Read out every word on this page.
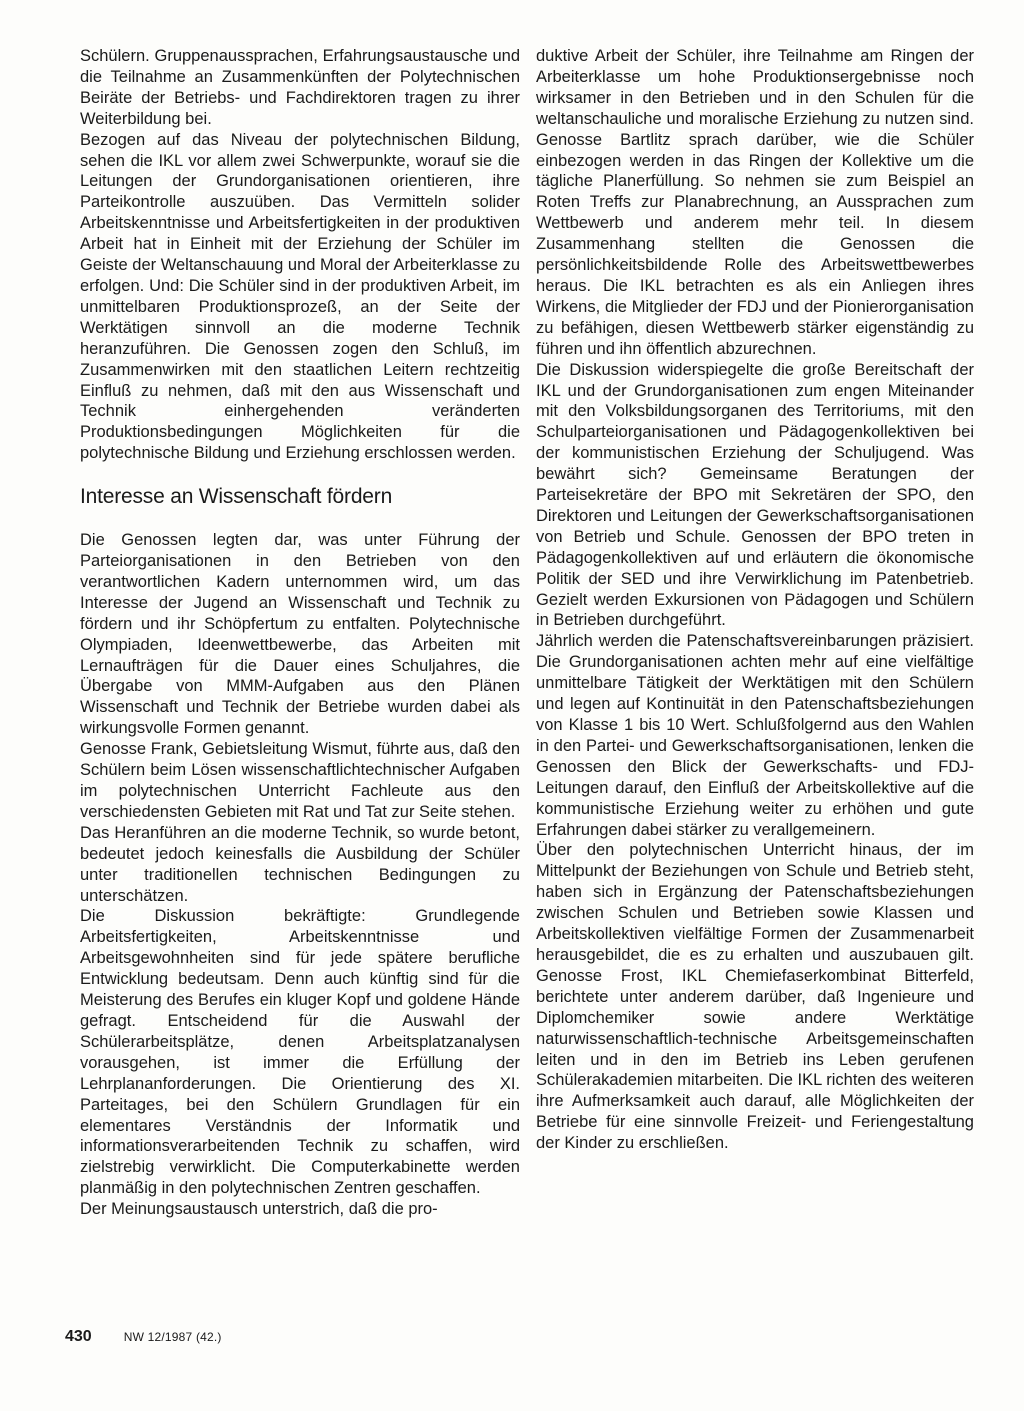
Schülern. Gruppenaussprachen, Erfahrungsaustausche und die Teilnahme an Zusammenkünften der Polytechnischen Beiräte der Betriebs- und Fachdirektoren tragen zu ihrer Weiterbildung bei.

Bezogen auf das Niveau der polytechnischen Bildung, sehen die IKL vor allem zwei Schwerpunkte, worauf sie die Leitungen der Grundorganisationen orientieren, ihre Parteikontrolle auszuüben. Das Vermitteln solider Arbeitskenntnisse und Arbeitsfertigkeiten in der produktiven Arbeit hat in Einheit mit der Erziehung der Schüler im Geiste der Weltanschauung und Moral der Arbeiterklasse zu erfolgen. Und: Die Schüler sind in der produktiven Arbeit, im unmittelbaren Produktionsprozeß, an der Seite der Werktätigen sinnvoll an die moderne Technik heranzuführen. Die Genossen zogen den Schluß, im Zusammenwirken mit den staatlichen Leitern rechtzeitig Einfluß zu nehmen, daß mit den aus Wissenschaft und Technik einhergehenden veränderten Produktionsbedingungen Möglichkeiten für die polytechnische Bildung und Erziehung erschlossen werden.

Interesse an Wissenschaft fördern

Die Genossen legten dar, was unter Führung der Parteiorganisationen in den Betrieben von den verantwortlichen Kadern unternommen wird, um das Interesse der Jugend an Wissenschaft und Technik zu fördern und ihr Schöpfertum zu entfalten. Polytechnische Olympiaden, Ideenwettbewerbe, das Arbeiten mit Lernaufträgen für die Dauer eines Schuljahres, die Übergabe von MMM-Aufgaben aus den Plänen Wissenschaft und Technik der Betriebe wurden dabei als wirkungsvolle Formen genannt.

Genosse Frank, Gebietsleitung Wismut, führte aus, daß den Schülern beim Lösen wissenschaftlichtechnischer Aufgaben im polytechnischen Unterricht Fachleute aus den verschiedensten Gebieten mit Rat und Tat zur Seite stehen.

Das Heranführen an die moderne Technik, so wurde betont, bedeutet jedoch keinesfalls die Ausbildung der Schüler unter traditionellen technischen Bedingungen zu unterschätzen.

Die Diskussion bekräftigte: Grundlegende Arbeitsfertigkeiten, Arbeitskenntnisse und Arbeitsgewohnheiten sind für jede spätere berufliche Entwicklung bedeutsam. Denn auch künftig sind für die Meisterung des Berufes ein kluger Kopf und goldene Hände gefragt. Entscheidend für die Auswahl der Schülerarbeitsplätze, denen Arbeitsplatzanalysen vorausgehen, ist immer die Erfüllung der Lehrplananforderungen. Die Orientierung des XI. Parteitages, bei den Schülern Grundlagen für ein elementares Verständnis der Informatik und informationsverarbeitenden Technik zu schaffen, wird zielstrebig verwirklicht. Die Computerkabinette werden planmäßig in den polytechnischen Zentren geschaffen.

Der Meinungsaustausch unterstrich, daß die pro-

duktive Arbeit der Schüler, ihre Teilnahme am Ringen der Arbeiterklasse um hohe Produktionsergebnisse noch wirksamer in den Betrieben und in den Schulen für die weltanschauliche und moralische Erziehung zu nutzen sind. Genosse Bartlitz sprach darüber, wie die Schüler einbezogen werden in das Ringen der Kollektive um die tägliche Planerfüllung. So nehmen sie zum Beispiel an Roten Treffs zur Planabrechnung, an Aussprachen zum Wettbewerb und anderem mehr teil. In diesem Zusammenhang stellten die Genossen die persönlichkeitsbildende Rolle des Arbeitswettbewerbes heraus. Die IKL betrachten es als ein Anliegen ihres Wirkens, die Mitglieder der FDJ und der Pionierorganisation zu befähigen, diesen Wettbewerb stärker eigenständig zu führen und ihn öffentlich abzurechnen.

Die Diskussion widerspiegelte die große Bereitschaft der IKL und der Grundorganisationen zum engen Miteinander mit den Volksbildungsorganen des Territoriums, mit den Schulparteiorganisationen und Pädagogenkollektiven bei der kommunistischen Erziehung der Schuljugend. Was bewährt sich? Gemeinsame Beratungen der Parteisekretäre der BPO mit Sekretären der SPO, den Direktoren und Leitungen der Gewerkschaftsorganisationen von Betrieb und Schule. Genossen der BPO treten in Pädagogenkollektiven auf und erläutern die ökonomische Politik der SED und ihre Verwirklichung im Patenbetrieb. Gezielt werden Exkursionen von Pädagogen und Schülern in Betrieben durchgeführt.

Jährlich werden die Patenschaftsvereinbarungen präzisiert. Die Grundorganisationen achten mehr auf eine vielfältige unmittelbare Tätigkeit der Werktätigen mit den Schülern und legen auf Kontinuität in den Patenschaftsbeziehungen von Klasse 1 bis 10 Wert. Schlußfolgernd aus den Wahlen in den Partei- und Gewerkschaftsorganisationen, lenken die Genossen den Blick der Gewerkschafts- und FDJ-Leitungen darauf, den Einfluß der Arbeitskollektive auf die kommunistische Erziehung weiter zu erhöhen und gute Erfahrungen dabei stärker zu verallgemeinern.

Über den polytechnischen Unterricht hinaus, der im Mittelpunkt der Beziehungen von Schule und Betrieb steht, haben sich in Ergänzung der Patenschaftsbeziehungen zwischen Schulen und Betrieben sowie Klassen und Arbeitskollektiven vielfältige Formen der Zusammenarbeit herausgebildet, die es zu erhalten und auszubauen gilt. Genosse Frost, IKL Chemiefaserkombinat Bitterfeld, berichtete unter anderem darüber, daß Ingenieure und Diplomchemiker sowie andere Werktätige naturwissenschaftlich-technische Arbeitsgemeinschaften leiten und in den im Betrieb ins Leben gerufenen Schülerakademien mitarbeiten. Die IKL richten des weiteren ihre Aufmerksamkeit auch darauf, alle Möglichkeiten der Betriebe für eine sinnvolle Freizeit- und Feriengestaltung der Kinder zu erschließen.

430	NW 12/1987 (42.)
